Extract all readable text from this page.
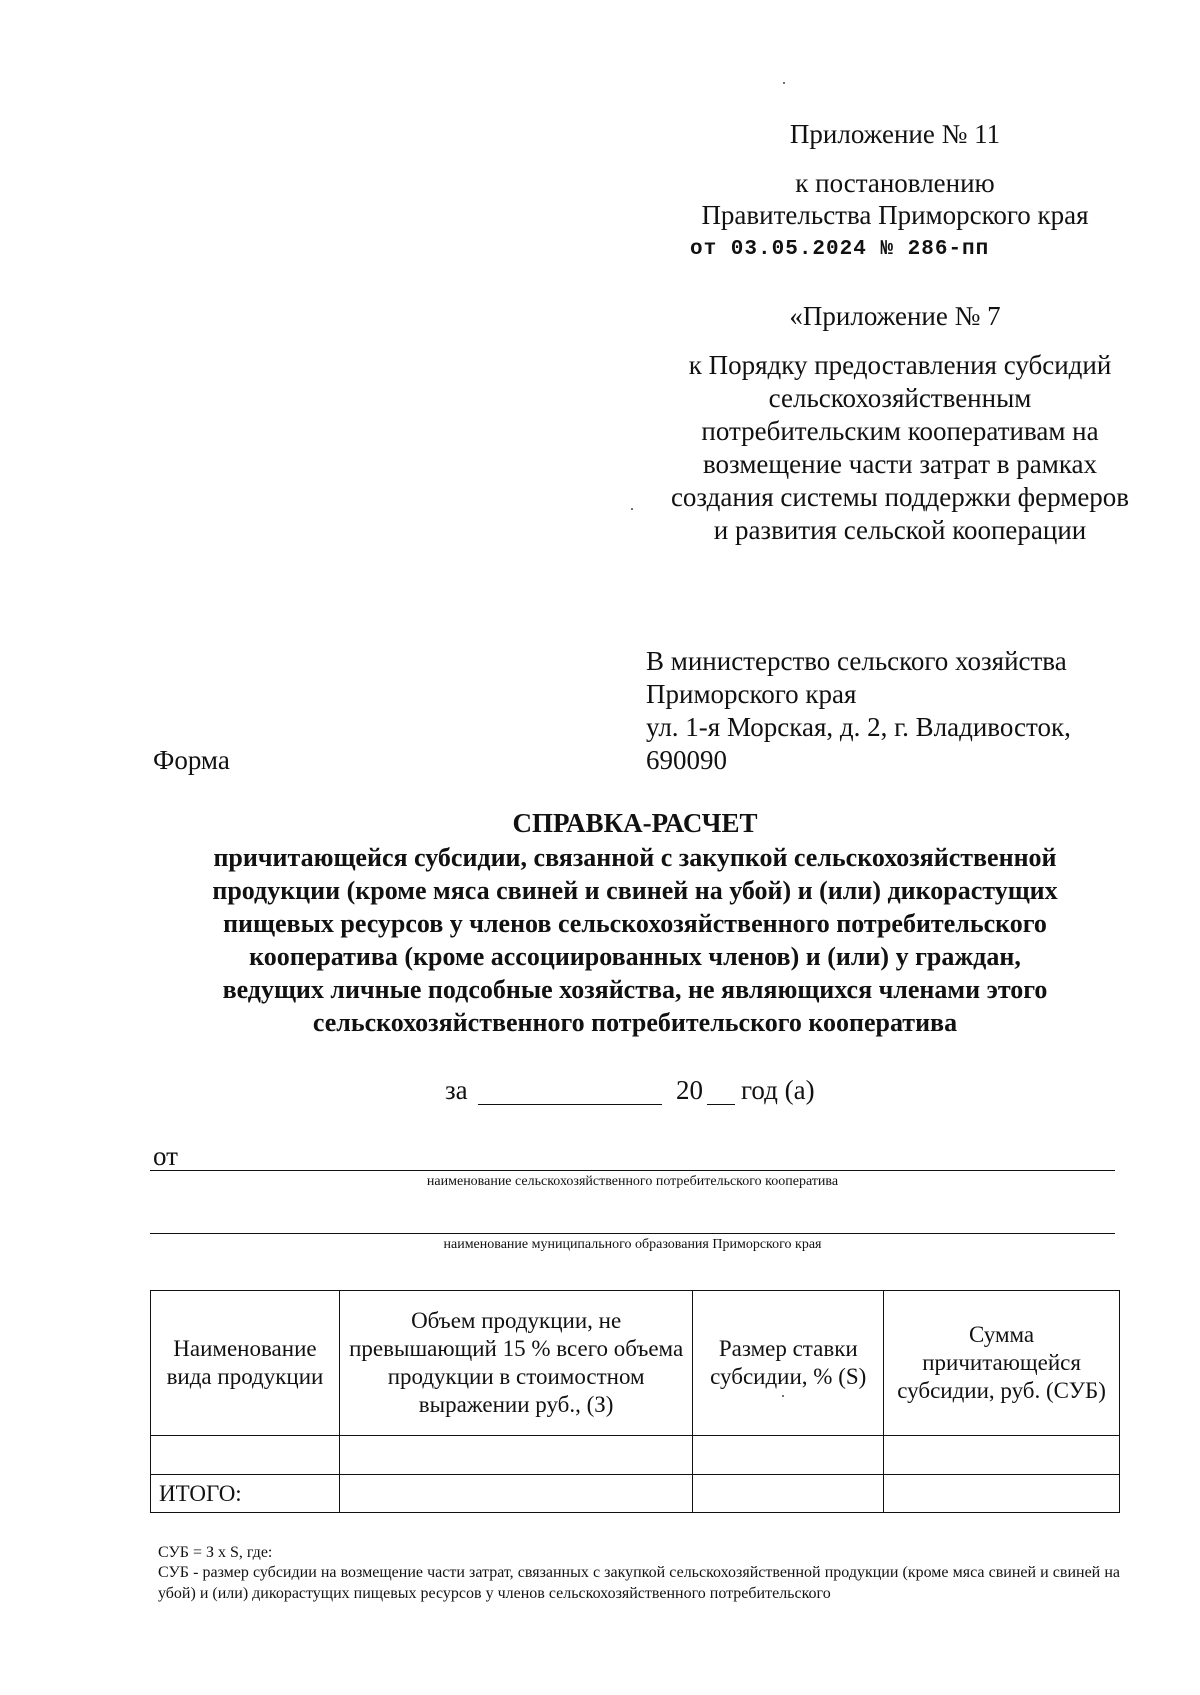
Приложение № 11
к постановлению
Правительства Приморского края
от 03.05.2024 № 286-пп
«Приложение № 7
к Порядку предоставления субсидий
сельскохозяйственным
потребительским кооперативам на
возмещение части затрат в рамках
создания системы поддержки фермеров
и развития сельской кооперации
В министерство сельского хозяйства
Приморского края
ул. 1-я Морская, д. 2, г. Владивосток,
690090
Форма
СПРАВКА-РАСЧЕТ
причитающейся субсидии, связанной с закупкой сельскохозяйственной
продукции (кроме мяса свиней и свиней на убой) и (или) дикорастущих
пищевых ресурсов у членов сельскохозяйственного потребительского
кооператива (кроме ассоциированных членов) и (или) у граждан,
ведущих личные подсобные хозяйства, не являющихся членами этого
сельскохозяйственного потребительского кооператива
за	20 год (а)
от
наименование сельскохозяйственного потребительского кооператива
наименование муниципального образования Приморского края
Наименование вида продукции	Объем продукции, не превышающий 15 % всего объема продукции в стоимостном выражении руб., (З)	Размер ставки субсидии, % (S)	Сумма причитающейся субсидии, руб. (СУБ)

ИТОГО:			
СУБ = З x S, где:
СУБ - размер субсидии на возмещение части затрат, связанных с закупкой сельскохозяйственной продукции (кроме мяса свиней и свиней на убой) и (или) дикорастущих пищевых ресурсов у членов сельскохозяйственного потребительского
